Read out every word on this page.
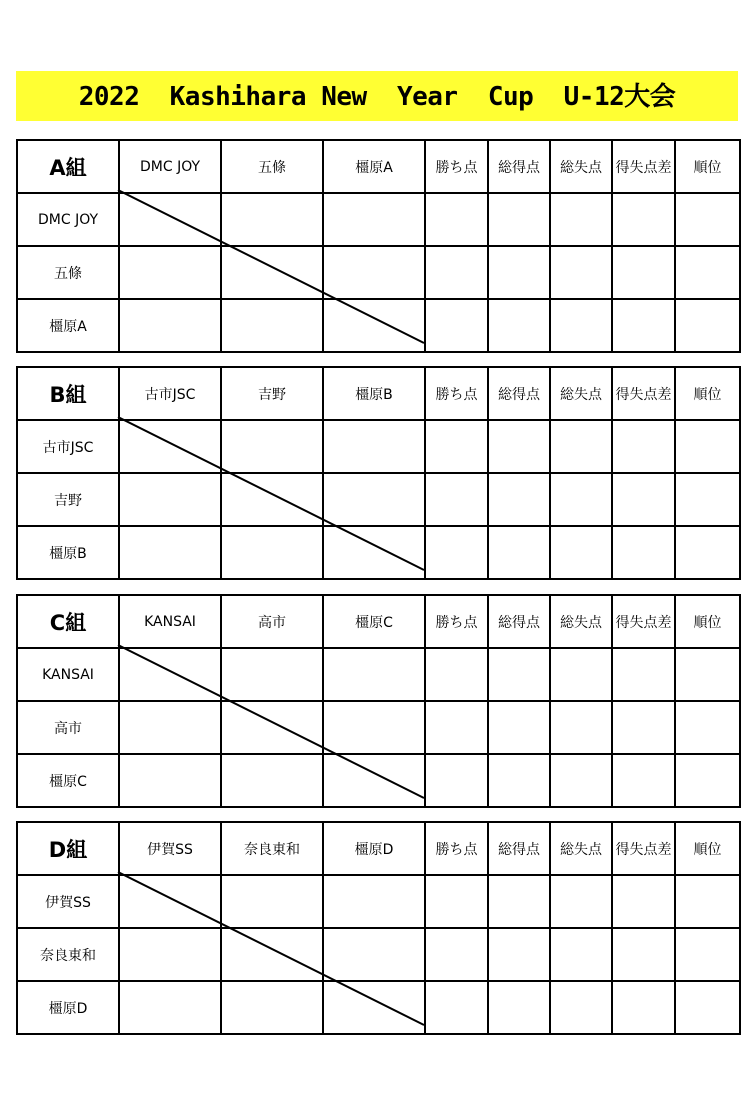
2022  Kashihara New  Year  Cup  U-12大会
A組	DMC JOY	五條	橿原A	勝ち点	総得点	総失点	得失点差	順位
DMC JOY								
五條								
橿原A								
B組	古市JSC	吉野	橿原B	勝ち点	総得点	総失点	得失点差	順位
古市JSC								
吉野								
橿原B								
C組	KANSAI	高市	橿原C	勝ち点	総得点	総失点	得失点差	順位
KANSAI								
高市								
橿原C								
D組	伊賀SS	奈良東和	橿原D	勝ち点	総得点	総失点	得失点差	順位
伊賀SS								
奈良東和								
橿原D								
